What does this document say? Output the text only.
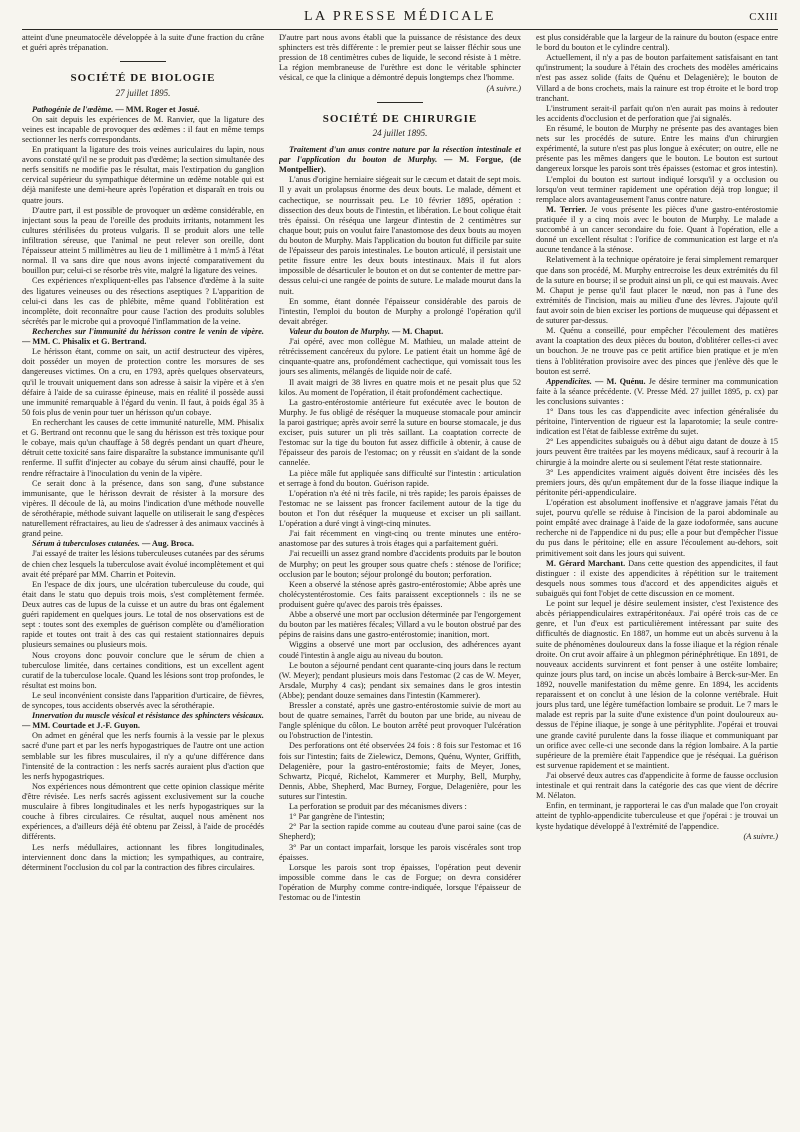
LA PRESSE MÉDICALE	CXIII

atteint d'une pneumatocèle développée à la suite d'une fraction du crâne et guéri après trépanation.

SOCIÉTÉ DE BIOLOGIE
27 juillet 1895.

Pathogénie de l'œdème. — MM. Roger et Josué.

On sait depuis les expériences de M. Ranvier, que la ligature des veines est incapable de provoquer des œdèmes : il faut en même temps sectionner les nerfs correspondants.

En pratiquant la ligature des trois veines auriculaires du lapin, nous avons constaté qu'il ne se produit pas d'œdème; la section simultanée des nerfs sensitifs ne modifie pas le résultat, mais l'extirpation du ganglion cervical supérieur du sympathique détermine un œdème notable qui est déjà manifeste une demi-heure après l'opération et disparaît en trois ou quatre jours.

D'autre part, il est possible de provoquer un œdème considérable, en injectant sous la peau de l'oreille des produits irritants, notamment les cultures stérilisées du proteus vulgaris. Il se produit alors une telle infiltration séreuse, que l'animal ne peut relever son oreille, dont l'épaisseur atteint 5 millimètres au lieu de 1 millimètre à 1 m/m5 à l'état normal. Il va sans dire que nous avons injecté comparativement du bouillon pur; celui-ci se résorbe très vite, malgré la ligature des veines.

Ces expériences n'expliquent-elles pas l'absence d'œdème à la suite des ligatures veineuses ou des résections aseptiques ? L'apparition de celui-ci dans les cas de phlébite, même quand l'oblitération est incomplète, doit reconnaître pour cause l'action des produits solubles sécrétés par le microbe qui a provoqué l'inflammation de la veine.

Recherches sur l'immunité du hérisson contre le venin de vipère. — MM. C. Phisalix et G. Bertrand.

Le hérisson étant, comme on sait, un actif destructeur des vipères, doit posséder un moyen de protection contre les morsures de ses dangereuses victimes. On a cru, en 1793, après quelques observateurs, qu'il le trouvait uniquement dans son adresse à saisir la vipère et à s'en défaire à l'aide de sa cuirasse épineuse, mais en réalité il possède aussi une immunité remarquable à l'égard du venin. Il faut, à poids égal 35 à 50 fois plus de venin pour tuer un hérisson qu'un cobaye.

En recherchant les causes de cette immunité naturelle, MM. Phisalix et G. Bertrand ont reconnu que le sang du hérisson est très toxique pour le cobaye, mais qu'un chauffage à 58 degrés pendant un quart d'heure, détruit cette toxicité sans faire disparaître la substance immunisante qu'il renferme. Il suffit d'injecter au cobaye du sérum ainsi chauffé, pour le rendre réfractaire à l'inoculation du venin de la vipère.

Ce serait donc à la présence, dans son sang, d'une substance immunisante, que le hérisson devrait de résister à la morsure des vipères. Il découle de là, au moins l'indication d'une méthode nouvelle de sérothérapie, méthode suivant laquelle on utiliserait le sang d'espèces naturellement réfractaires, au lieu de s'adresser à des animaux vaccinés à grand peine.

Sérum à tuberculoses cutanées. — Aug. Broca.

J'ai essayé de traiter les lésions tuberculeuses cutanées par des sérums de chien chez lesquels la tuberculose avait évolué incomplètement et qui avait été préparé par MM. Charrin et Poitevin.

En l'espace de dix jours, une ulcération tuberculeuse du coude, qui était dans le statu quo depuis trois mois, s'est complètement fermée. Deux autres cas de lupus de la cuisse et un autre du bras ont également guéri rapidement en quelques jours. Le total de nos observations est de sept : toutes sont des exemples de guérison complète ou d'amélioration rapide et toutes ont trait à des cas qui restaient stationnaires depuis plusieurs semaines ou plusieurs mois.

Nous croyons donc pouvoir conclure que le sérum de chien a tuberculose limitée, dans certaines conditions, est un excellent agent curatif de la tuberculose locale. Quand les lésions sont trop profondes, le résultat est moins bon.

Le seul inconvénient consiste dans l'apparition d'urticaire, de fièvres, de syncopes, tous accidents observés avec la sérothérapie.

Innervation du muscle vésical et résistance des sphincters vésicaux. — MM. Courtade et J.-F. Guyon.

On admet en général que les nerfs fournis à la vessie par le plexus sacré d'une part et par les nerfs hypogastriques de l'autre ont une action semblable sur les fibres musculaires, il n'y a qu'une différence dans l'intensité de la contraction : les nerfs sacrés auraient plus d'action que les nerfs hypogastriques.

Nos expériences nous démontrent que cette opinion classique mérite d'être révisée. Les nerfs sacrés agissent exclusivement sur la couche musculaire à fibres longitudinales et les nerfs hypogastriques sur la couche à fibres circulaires. Ce résultat, auquel nous amènent nos expériences, a d'ailleurs déjà été obtenu par Zeissl, à l'aide de procédés différents.

Les nerfs médullaires, actionnant les fibres longitudinales, interviennent donc dans la miction; les sympathiques, au contraire, déterminent l'occlusion du col par la contraction des fibres circulaires.

D'autre part nous avons établi que la puissance de résistance des deux sphincters est très différente : le premier peut se laisser fléchir sous une pression de 18 centimètres cubes de liquide, le second résiste à 1 mètre. La région membraneuse de l'urèthre est donc le véritable sphincter vésical, ce que la clinique a démontré depuis longtemps chez l'homme.

(A suivre.)

SOCIÉTÉ DE CHIRURGIE
24 juillet 1895.

Traitement d'un anus contre nature par la résection intestinale et par l'application du bouton de Murphy. — M. Forgue, (de Montpellier).

L'anus d'origine herniaire siégeait sur le cæcum et datait de sept mois. Il y avait un prolapsus énorme des deux bouts. Le malade, dément et cachectique, se nourrissait peu. Le 10 février 1895, opération : dissection des deux bouts de l'intestin, et libération. Le bout colique était très épaissi. On réséqua une largeur d'intestin de 2 centimètres sur chaque bout; puis on voulut faire l'anastomose des deux bouts au moyen du bouton de Murphy. Mais l'application du bouton fut difficile par suite de l'épaisseur des parois intestinales. Le bouton articulé, il persistait une petite fissure entre les deux bouts intestinaux. Mais il fut alors impossible de désarticuler le bouton et on dut se contenter de mettre par-dessus celui-ci une rangée de points de suture. Le malade mourut dans la nuit.

En somme, étant donnée l'épaisseur considérable des parois de l'intestin, l'emploi du bouton de Murphy a prolongé l'opération qu'il devait abréger.

Valeur du bouton de Murphy. — M. Chaput.

J'ai opéré, avec mon collègue M. Mathieu, un malade atteint de rétrécissement cancéreux du pylore. Le patient était un homme âgé de cinquante-quatre ans, profondément cachectique, qui vomissait tous les jours ses aliments, mélangés de liquide noir de café.

Il avait maigri de 38 livres en quatre mois et ne pesait plus que 52 kilos. Au moment de l'opération, il était profondément cachectique.

La gastro-entérostomie antérieure fut exécutée avec le bouton de Murphy. Je fus obligé de réséquer la muqueuse stomacale pour amincir la paroi gastrique; après avoir serré la suture en bourse stomacale, je dus exciser, puis suturer un pli très saillant. La coaptation correcte de l'estomac sur la tige du bouton fut assez difficile à obtenir, à cause de l'épaisseur des parois de l'estomac; on y réussit en s'aidant de la sonde cannelée.

La pièce mâle fut appliquée sans difficulté sur l'intestin : articulation et serrage à fond du bouton. Guérison rapide.

L'opération n'a été ni très facile, ni très rapide; les parois épaisses de l'estomac ne se laissent pas froncer facilement autour de la tige du bouton et l'on dut réséquer la muqueuse et exciser un pli saillant. L'opération a duré vingt à vingt-cinq minutes.

J'ai fait récemment en vingt-cinq ou trente minutes une entéro-anastomose par des sutures à trois étages qui a parfaitement guéri.

J'ai recueilli un assez grand nombre d'accidents produits par le bouton de Murphy; on peut les grouper sous quatre chefs : sténose de l'orifice; occlusion par le bouton; séjour prolongé du bouton; perforation.

Keen a observé la sténose après gastro-entérostomie; Abbe après une cholécystentérostomie. Ces faits paraissent exceptionnels : ils ne se produisent guère qu'avec des parois très épaisses.

Abbe a observé une mort par occlusion déterminée par l'engorgement du bouton par les matières fécales; Villard a vu le bouton obstrué par des pépins de raisins dans une gastro-entérostomie; inanition, mort.

Wiggins a observé une mort par occlusion, des adhérences ayant coudé l'intestin à angle aigu au niveau du bouton.

Le bouton a séjourné pendant cent quarante-cinq jours dans le rectum (W. Meyer); pendant plusieurs mois dans l'estomac (2 cas de W. Meyer, Arsdale, Murphy 4 cas); pendant six semaines dans le gros intestin (Abbe); pendant douze semaines dans l'intestin (Kammerer).

Bressler a constaté, après une gastro-entérostomie suivie de mort au bout de quatre semaines, l'arrêt du bouton par une bride, au niveau de l'angle splénique du côlon. Le bouton arrêté peut provoquer l'ulcération ou l'obstruction de l'intestin.

Des perforations ont été observées 24 fois : 8 fois sur l'estomac et 16 fois sur l'intestin; faits de Zielewicz, Demons, Quénu, Wynter, Griffith, Delagenière, pour la gastro-entérostomie; faits de Meyer, Jones, Schwartz, Picqué, Richelot, Kammerer et Murphy, Bell, Murphy, Dennis, Abbe, Shepherd, Mac Burney, Forgue, Delagenière, pour les sutures sur l'intestin.

La perforation se produit par des mécanismes divers :

1° Par gangrène de l'intestin;

2° Par la section rapide comme au couteau d'une paroi saine (cas de Shepherd);

3° Par un contact imparfait, lorsque les parois viscérales sont trop épaisses.

Lorsque les parois sont trop épaisses, l'opération peut devenir impossible comme dans le cas de Forgue; on devra considérer l'opération de Murphy comme contre-indiquée, lorsque l'épaisseur de l'estomac ou de l'intestin

est plus considérable que la largeur de la rainure du bouton (espace entre le bord du bouton et le cylindre central).

Actuellement, il n'y a pas de bouton parfaitement satisfaisant en tant qu'instrument; la soudure à l'étain des crochets des modèles américains n'est pas assez solide (faits de Quénu et Delagenière); le bouton de Villard a de bons crochets, mais la rainure est trop étroite et le bord trop tranchant.

L'instrument serait-il parfait qu'on n'en aurait pas moins à redouter les accidents d'occlusion et de perforation que j'ai signalés.

En résumé, le bouton de Murphy ne présente pas des avantages bien nets sur les procédés de suture. Entre les mains d'un chirurgien expérimenté, la suture n'est pas plus longue à exécuter; on outre, elle ne présente pas les mêmes dangers que le bouton. Le bouton est surtout dangereux lorsque les parois sont très épaisses (estomac et gros intestin).

L'emploi du bouton est surtout indiqué lorsqu'il y a occlusion ou lorsqu'on veut terminer rapidement une opération déjà trop longue; il remplace alors avantageusement l'anus contre nature.

M. Terrier. Je vous présente les pièces d'une gastro-entérostomie pratiquée il y a cinq mois avec le bouton de Murphy. Le malade a succombé à un cancer secondaire du foie. Quant à l'opération, elle a donné un excellent résultat : l'orifice de communication est large et n'a aucune tendance à la sténose.

Relativement à la technique opératoire je ferai simplement remarquer que dans son procédé, M. Murphy entrecroise les deux extrémités du fil de la suture en bourse; il se produit ainsi un pli, ce qui est mauvais. Avec M. Chaput je pense qu'il faut placer le nœud, non pas à l'une des extrémités de l'incision, mais au milieu d'une des lèvres. J'ajoute qu'il faut avoir soin de bien exciser les portions de muqueuse qui dépassent et de suturer par-dessus.

M. Quénu a conseillé, pour empêcher l'écoulement des matières avant la coaptation des deux pièces du bouton, d'oblitérer celles-ci avec un bouchon. Je ne trouve pas ce petit artifice bien pratique et je m'en tiens à l'oblitération provisoire avec des pinces que j'enlève dès que le bouton est serré.

Appendicites. — M. Quénu. Je désire terminer ma communication faite à la séance précédente. (V. Presse Méd. 27 juillet 1895, p. cx) par les conclusions suivantes :

1° Dans tous les cas d'appendicite avec infection généralisée du péritoine, l'intervention de rigueur est la laparotomie; la seule contre-indication est l'état de faiblesse extrême du sujet.

2° Les appendicites subaiguës ou à début aigu datant de douze à 15 jours peuvent être traitées par les moyens médicaux, sauf à recourir à la chirurgie à la moindre alerte ou si seulement l'état reste stationnaire.

3° Les appendicites vraiment aiguës doivent être incisées dès les premiers jours, dès qu'un empâtement dur de la fosse iliaque indique la péritonite péri-appendiculaire.

L'opération est absolument inoffensive et n'aggrave jamais l'état du sujet, pourvu qu'elle se réduise à l'incision de la paroi abdominale au point empâté avec drainage à l'aide de la gaze iodoformée, sans aucune recherche ni de l'appendice ni du pus; elle a pour but d'empêcher l'issue du pus dans le péritoine; elle en assure l'écoulement au-dehors, soit primitivement soit dans les jours qui suivent.

M. Gérard Marchant. Dans cette question des appendicites, il faut distinguer : il existe des appendicites à répétition sur le traitement desquels nous sommes tous d'accord et des appendicites aiguës et subaiguës qui font l'objet de cette discussion en ce moment.

Le point sur lequel je désire seulement insister, c'est l'existence des abcès périappendiculaires extrapéritonéaux. J'ai opéré trois cas de ce genre, et l'un d'eux est particulièrement intéressant par suite des difficultés de diagnostic. En 1887, un homme eut un abcès survenu à la suite de phénomènes douloureux dans la fosse iliaque et la région rénale droite. On crut avoir affaire à un phlegmon périnéphrétique. En 1891, de nouveaux accidents survinrent et font penser à une ostéite lombaire; quinze jours plus tard, on incise un abcès lombaire à Berck-sur-Mer. En 1892, nouvelle manifestation du même genre. En 1894, les accidents reparaissent et on conclut à une lésion de la colonne vertébrale. Huit jours plus tard, une légère tuméfaction lombaire se produit. Le 7 mars le malade est repris par la suite d'une existence d'un point douloureux au-dessus de l'épine iliaque, je songe à une pérityphlite. J'opérai et trouvai une grande cavité purulente dans la fosse iliaque et communiquant par un orifice avec celle-ci une seconde dans la région lombaire. A la partie supérieure de la première était l'appendice que je réséquai. La guérison est survenue rapidement et se maintient.

J'ai observé deux autres cas d'appendicite à forme de fausse occlusion intestinale et qui rentrait dans la catégorie des cas que vient de décrire M. Nélaton.

Enfin, en terminant, je rapporterai le cas d'un malade que l'on croyait atteint de typhlo-appendicite tuberculeuse et que j'opérai : je trouvai un kyste hydatique développé à l'extrémité de l'appendice.

(A suivre.)
